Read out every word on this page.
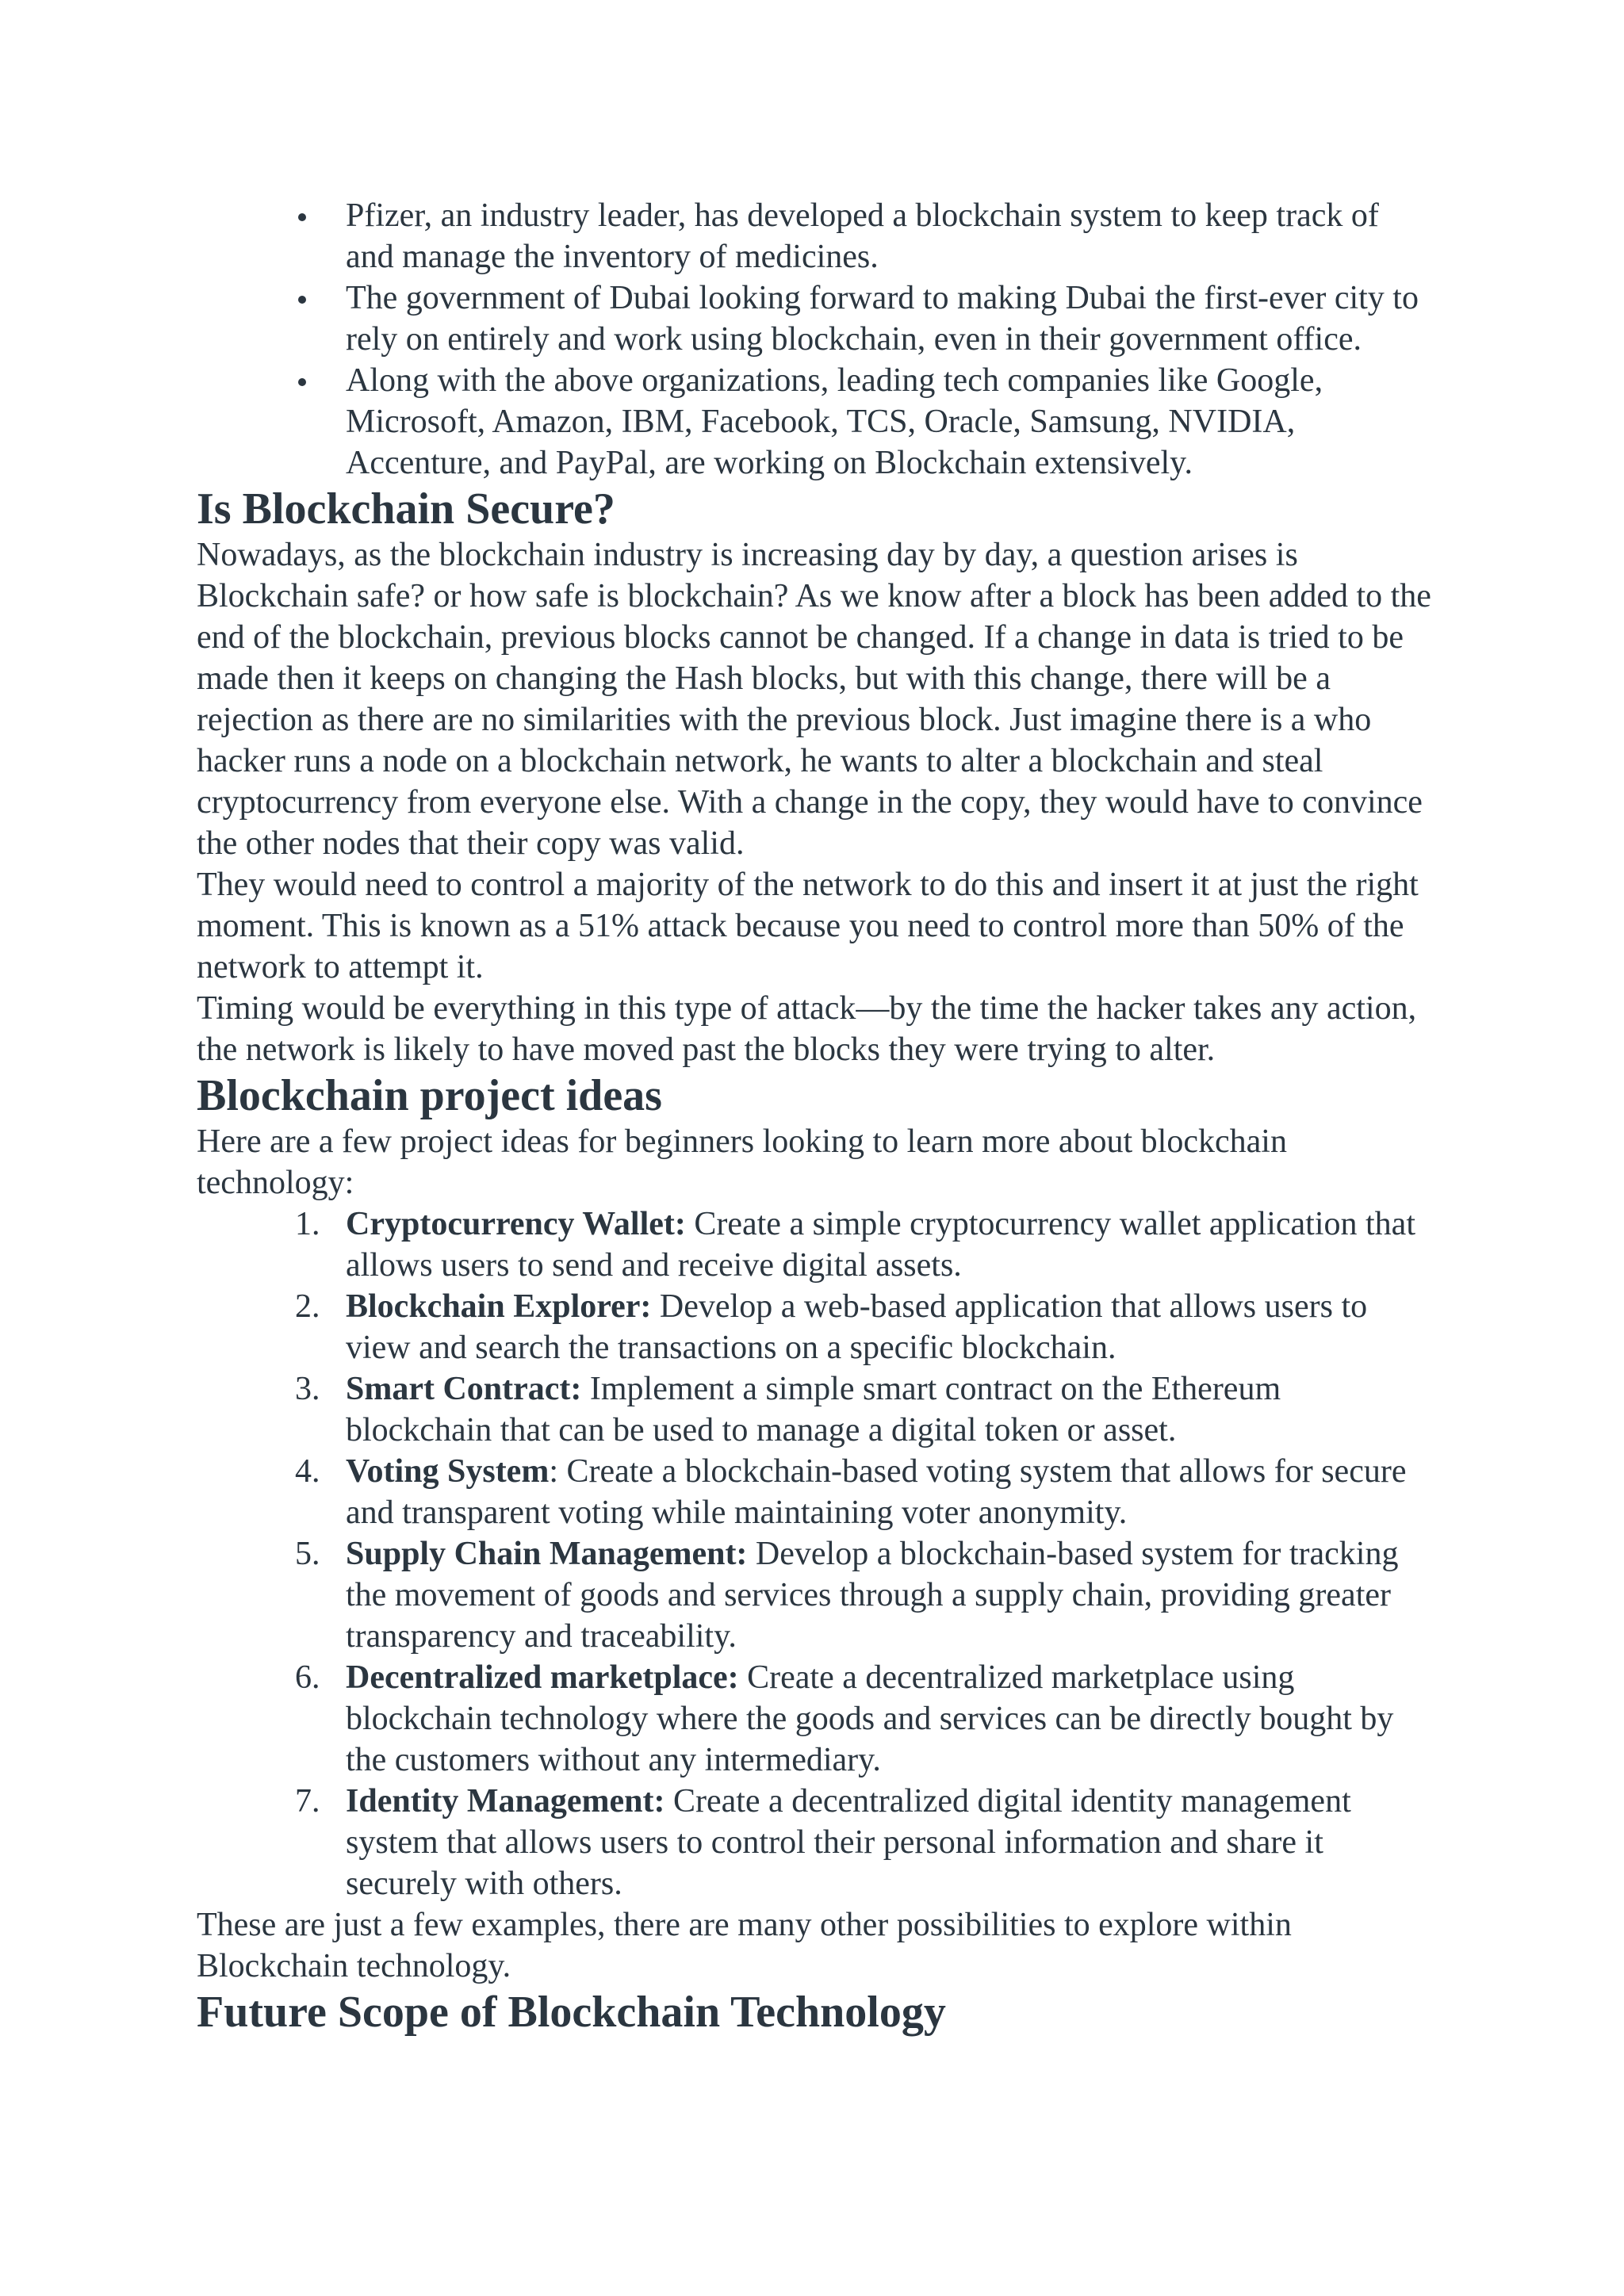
Pfizer, an industry leader, has developed a blockchain system to keep track of and manage the inventory of medicines.
The government of Dubai looking forward to making Dubai the first-ever city to rely on entirely and work using blockchain, even in their government office.
Along with the above organizations, leading tech companies like Google, Microsoft, Amazon, IBM, Facebook, TCS, Oracle, Samsung, NVIDIA, Accenture, and PayPal, are working on Blockchain extensively.
Is Blockchain Secure?

Nowadays, as the blockchain industry is increasing day by day, a question arises is Blockchain safe? or how safe is blockchain? As we know after a block has been added to the end of the blockchain, previous blocks cannot be changed. If a change in data is tried to be made then it keeps on changing the Hash blocks, but with this change, there will be a rejection as there are no similarities with the previous block. Just imagine there is a who hacker runs a node on a blockchain network, he wants to alter a blockchain and steal cryptocurrency from everyone else. With a change in the copy, they would have to convince the other nodes that their copy was valid.

They would need to control a majority of the network to do this and insert it at just the right moment. This is known as a 51% attack because you need to control more than 50% of the network to attempt it.

Timing would be everything in this type of attack—by the time the hacker takes any action, the network is likely to have moved past the blocks they were trying to alter.

Blockchain project ideas

Here are a few project ideas for beginners looking to learn more about blockchain technology:

1. Cryptocurrency Wallet: Create a simple cryptocurrency wallet application that allows users to send and receive digital assets.
2. Blockchain Explorer: Develop a web-based application that allows users to view and search the transactions on a specific blockchain.
3. Smart Contract: Implement a simple smart contract on the Ethereum blockchain that can be used to manage a digital token or asset.
4. Voting System: Create a blockchain-based voting system that allows for secure and transparent voting while maintaining voter anonymity.
5. Supply Chain Management: Develop a blockchain-based system for tracking the movement of goods and services through a supply chain, providing greater transparency and traceability.
6. Decentralized marketplace: Create a decentralized marketplace using blockchain technology where the goods and services can be directly bought by the customers without any intermediary.
7. Identity Management: Create a decentralized digital identity management system that allows users to control their personal information and share it securely with others.

These are just a few examples, there are many other possibilities to explore within Blockchain technology.

Future Scope of Blockchain Technology
